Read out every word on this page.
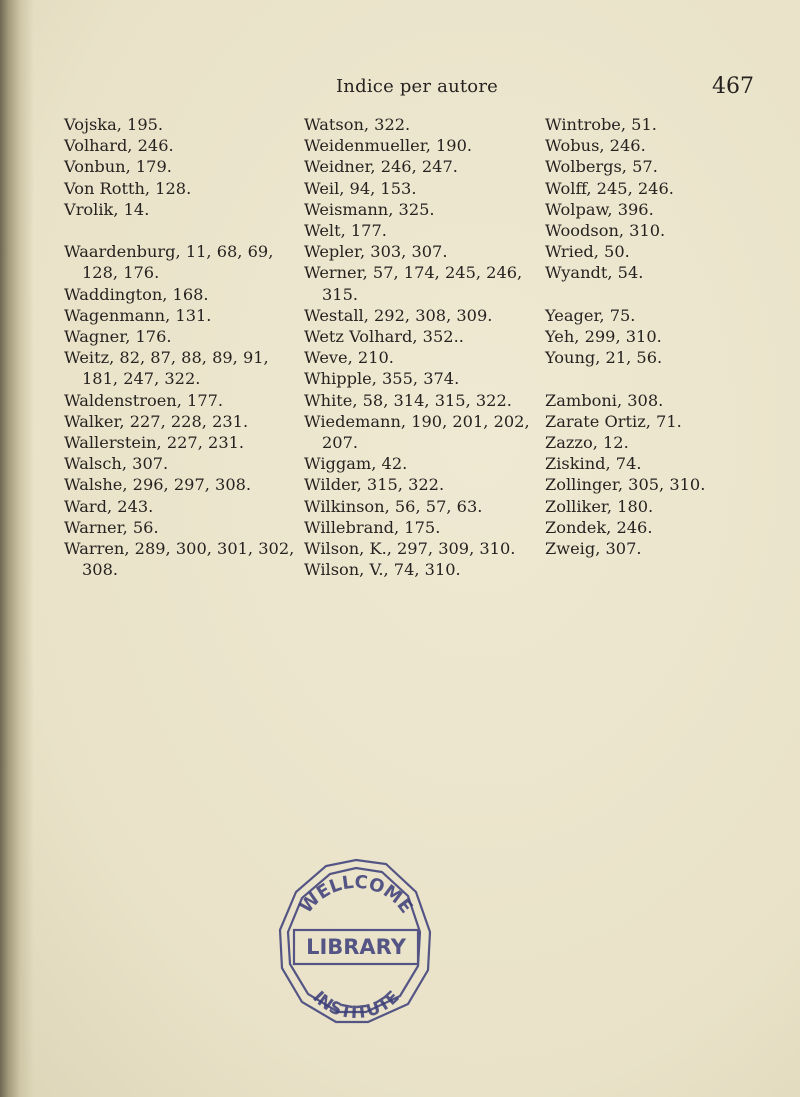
Indice per autore	467
Vojska, 195.
Volhard, 246.
Vonbun, 179.
Von Rotth, 128.
Vrolik, 14.
Waardenburg, 11, 68, 69,
128, 176.
Waddington, 168.
Wagenmann, 131.
Wagner, 176.
Weitz, 82, 87, 88, 89, 91,
181, 247, 322.
Waldenstroen, 177.
Walker, 227, 228, 231.
Wallerstein, 227, 231.
Walsch, 307.
Walshe, 296, 297, 308.
Ward, 243.
Warner, 56.
Warren, 289, 300, 301, 302,
308.
Watson, 322.
Weidenmueller, 190.
Weidner, 246, 247.
Weil, 94, 153.
Weismann, 325.
Welt, 177.
Wepler, 303, 307.
Werner, 57, 174, 245, 246,
315.
Westall, 292, 308, 309.
Wetz Volhard, 352..
Weve, 210.
Whipple, 355, 374.
White, 58, 314, 315, 322.
Wiedemann, 190, 201, 202,
207.
Wiggam, 42.
Wilder, 315, 322.
Wilkinson, 56, 57, 63.
Willebrand, 175.
Wilson, K., 297, 309, 310.
Wilson, V., 74, 310.
Wintrobe, 51.
Wobus, 246.
Wolbergs, 57.
Wolff, 245, 246.
Wolpaw, 396.
Woodson, 310.
Wried, 50.
Wyandt, 54.
Yeager, 75.
Yeh, 299, 310.
Young, 21, 56.
Zamboni, 308.
Zarate Ortiz, 71.
Zazzo, 12.
Ziskind, 74.
Zollinger, 305, 310.
Zolliker, 180.
Zondek, 246.
Zweig, 307.
WELLCOME
LIBRARY
INSTITUTE
